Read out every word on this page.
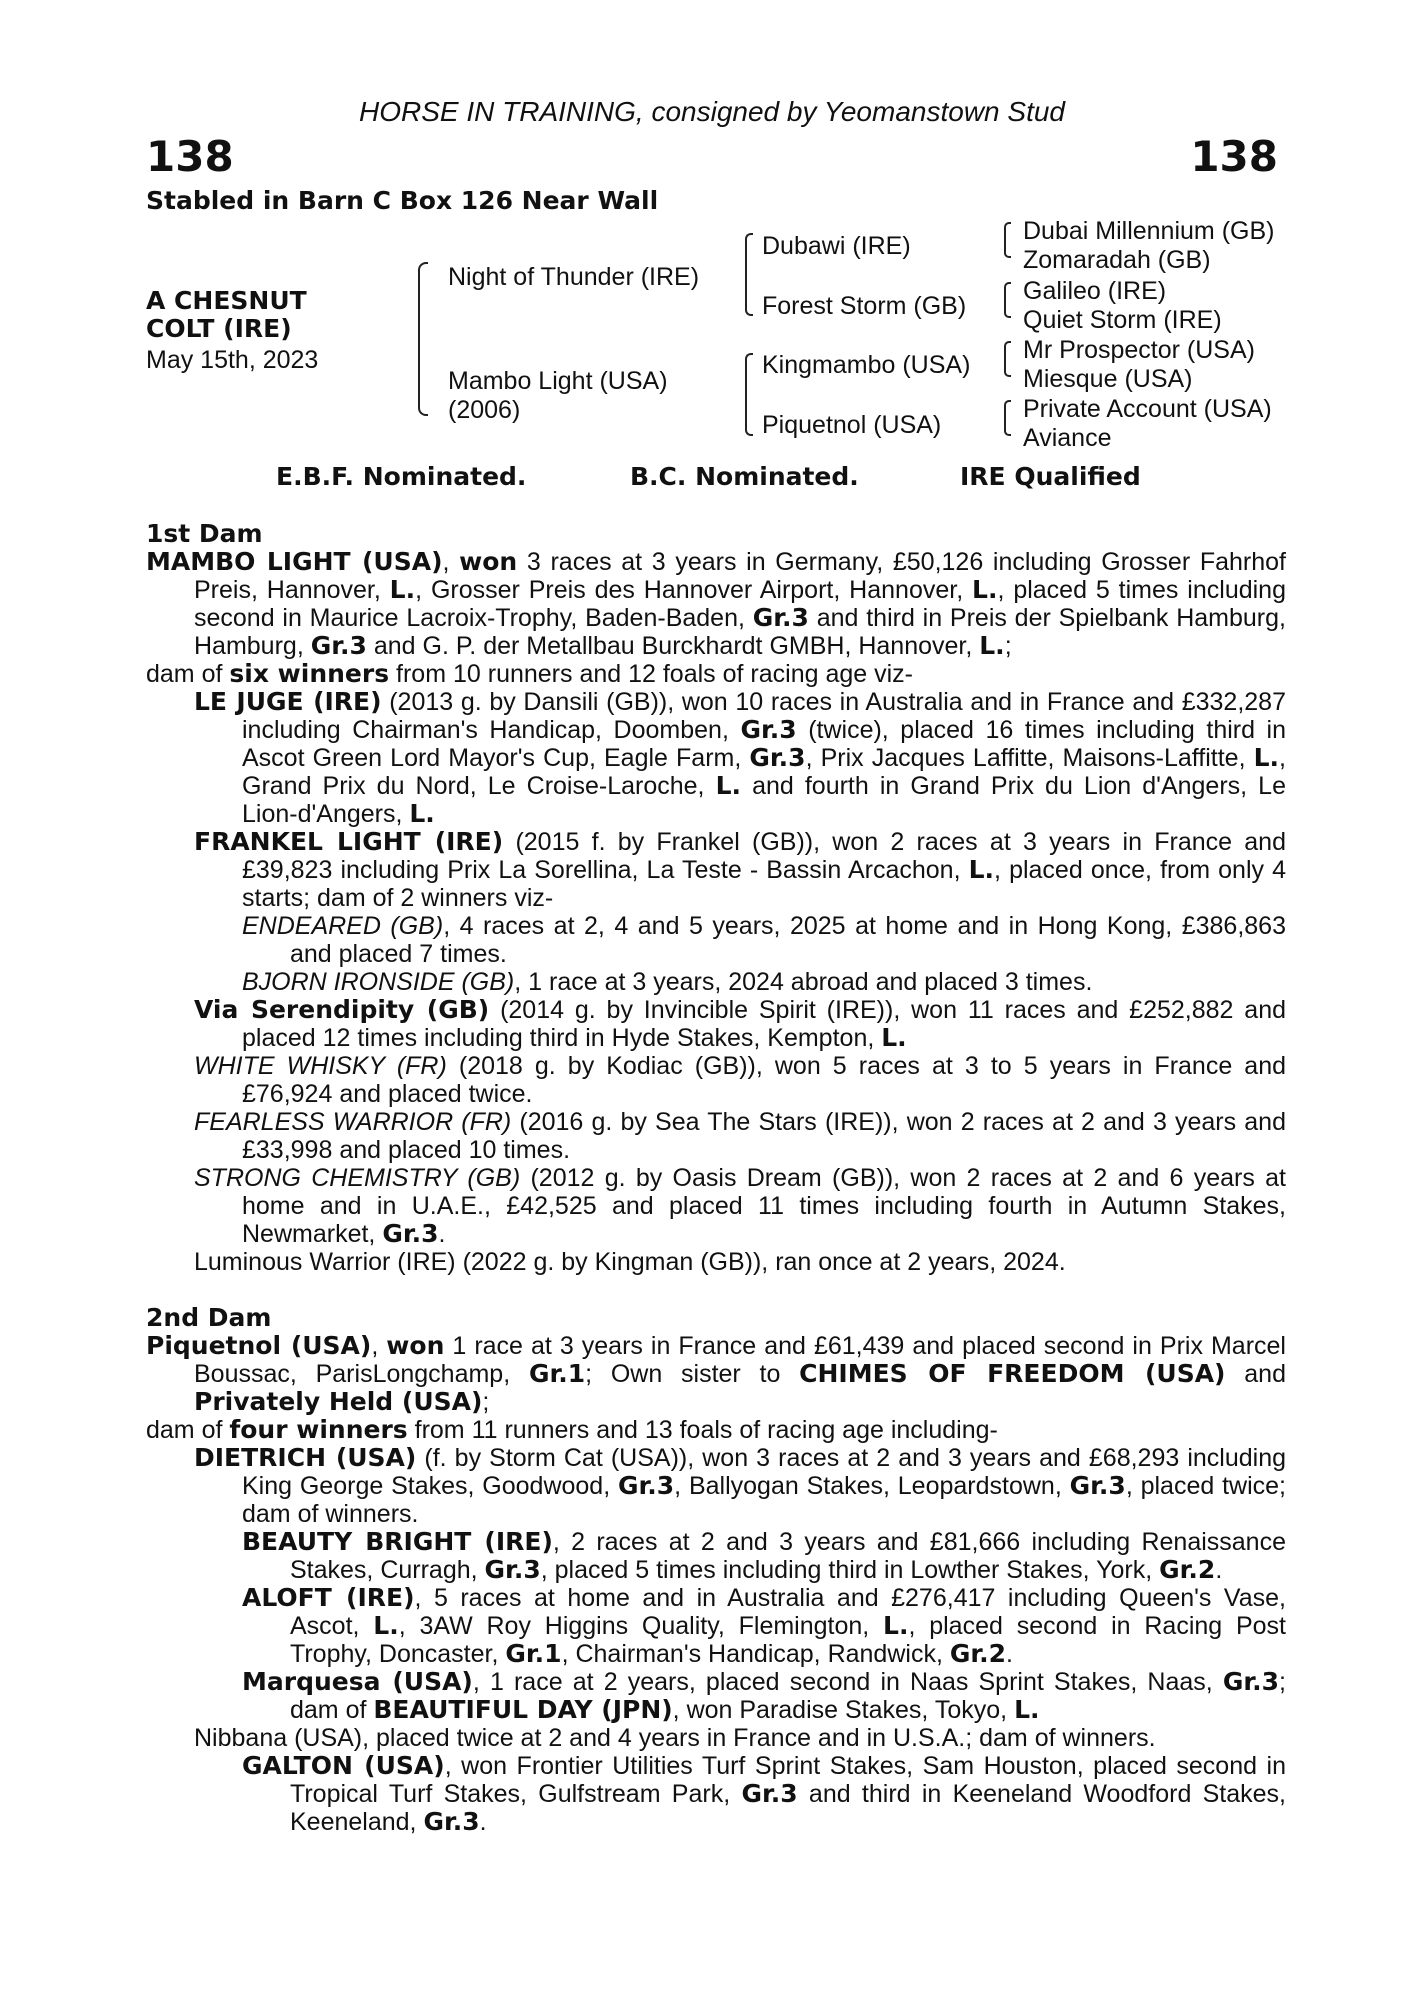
HORSE IN TRAINING, consigned by Yeomanstown Stud
138	138
Stabled in Barn C Box 126 Near Wall
A CHESNUT
COLT (IRE)
May 15th, 2023
Night of Thunder (IRE)
Mambo Light (USA)
(2006)
Dubawi (IRE)
Forest Storm (GB)
Kingmambo (USA)
Piquetnol (USA)
Dubai Millennium (GB)
Zomaradah (GB)
Galileo (IRE)
Quiet Storm (IRE)
Mr Prospector (USA)
Miesque (USA)
Private Account (USA)
Aviance
E.B.F. Nominated.	B.C. Nominated.	IRE Qualified

1st Dam

MAMBO LIGHT (USA), won 3 races at 3 years in Germany, £50,126 including Grosser Fahrhof Preis, Hannover, L., Grosser Preis des Hannover Airport, Hannover, L., placed 5 times including second in Maurice Lacroix-Trophy, Baden-Baden, Gr.3 and third in Preis der Spielbank Hamburg, Hamburg, Gr.3 and G. P. der Metallbau Burckhardt GMBH, Hannover, L.;

dam of six winners from 10 runners and 12 foals of racing age viz-

LE JUGE (IRE) (2013 g. by Dansili (GB)), won 10 races in Australia and in France and £332,287 including Chairman's Handicap, Doomben, Gr.3 (twice), placed 16 times including third in Ascot Green Lord Mayor's Cup, Eagle Farm, Gr.3, Prix Jacques Laffitte, Maisons-Laffitte, L., Grand Prix du Nord, Le Croise-Laroche, L. and fourth in Grand Prix du Lion d'Angers, Le Lion-d'Angers, L.

FRANKEL LIGHT (IRE) (2015 f. by Frankel (GB)), won 2 races at 3 years in France and £39,823 including Prix La Sorellina, La Teste - Bassin Arcachon, L., placed once, from only 4 starts; dam of 2 winners viz-

ENDEARED (GB), 4 races at 2, 4 and 5 years, 2025 at home and in Hong Kong, £386,863 and placed 7 times.

BJORN IRONSIDE (GB), 1 race at 3 years, 2024 abroad and placed 3 times.

Via Serendipity (GB) (2014 g. by Invincible Spirit (IRE)), won 11 races and £252,882 and placed 12 times including third in Hyde Stakes, Kempton, L.

WHITE WHISKY (FR) (2018 g. by Kodiac (GB)), won 5 races at 3 to 5 years in France and £76,924 and placed twice.

FEARLESS WARRIOR (FR) (2016 g. by Sea The Stars (IRE)), won 2 races at 2 and 3 years and £33,998 and placed 10 times.

STRONG CHEMISTRY (GB) (2012 g. by Oasis Dream (GB)), won 2 races at 2 and 6 years at home and in U.A.E., £42,525 and placed 11 times including fourth in Autumn Stakes, Newmarket, Gr.3.

Luminous Warrior (IRE) (2022 g. by Kingman (GB)), ran once at 2 years, 2024.

2nd Dam

Piquetnol (USA), won 1 race at 3 years in France and £61,439 and placed second in Prix Marcel Boussac, ParisLongchamp, Gr.1; Own sister to CHIMES OF FREEDOM (USA) and Privately Held (USA);

dam of four winners from 11 runners and 13 foals of racing age including-

DIETRICH (USA) (f. by Storm Cat (USA)), won 3 races at 2 and 3 years and £68,293 including King George Stakes, Goodwood, Gr.3, Ballyogan Stakes, Leopardstown, Gr.3, placed twice; dam of winners.

BEAUTY BRIGHT (IRE), 2 races at 2 and 3 years and £81,666 including Renaissance Stakes, Curragh, Gr.3, placed 5 times including third in Lowther Stakes, York, Gr.2.

ALOFT (IRE), 5 races at home and in Australia and £276,417 including Queen's Vase, Ascot, L., 3AW Roy Higgins Quality, Flemington, L., placed second in Racing Post Trophy, Doncaster, Gr.1, Chairman's Handicap, Randwick, Gr.2.

Marquesa (USA), 1 race at 2 years, placed second in Naas Sprint Stakes, Naas, Gr.3; dam of BEAUTIFUL DAY (JPN), won Paradise Stakes, Tokyo, L.

Nibbana (USA), placed twice at 2 and 4 years in France and in U.S.A.; dam of winners.

GALTON (USA), won Frontier Utilities Turf Sprint Stakes, Sam Houston, placed second in Tropical Turf Stakes, Gulfstream Park, Gr.3 and third in Keeneland Woodford Stakes, Keeneland, Gr.3.
